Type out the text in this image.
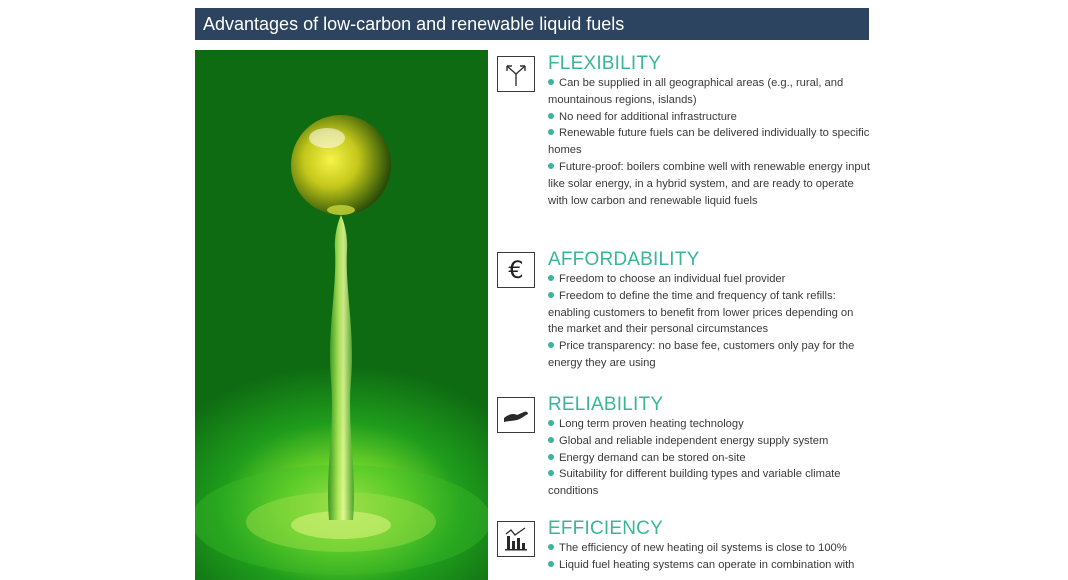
Advantages of low-carbon and renewable liquid fuels
FLEXIBILITY

Can be supplied in all geographical areas (e.g., rural, and mountainous regions, islands)

No need for additional infrastructure

Renewable future fuels can be delivered individually to specific homes

Future-proof: boilers combine well with renewable energy input like solar energy, in a hybrid system, and are ready to operate with low carbon and renewable liquid fuels

€ AFFORDABILITY

Freedom to choose an individual fuel provider

Freedom to define the time and frequency of tank refills: enabling customers to benefit from lower prices depending on the market and their personal circumstances

Price transparency: no base fee, customers only pay for the energy they are using

RELIABILITY

Long term proven heating technology

Global and reliable independent energy supply system

Energy demand can be stored on-site

Suitability for different building types and variable climate conditions

EFFICIENCY

The efficiency of new heating oil systems is close to 100%

Liquid fuel heating systems can operate in combination with
